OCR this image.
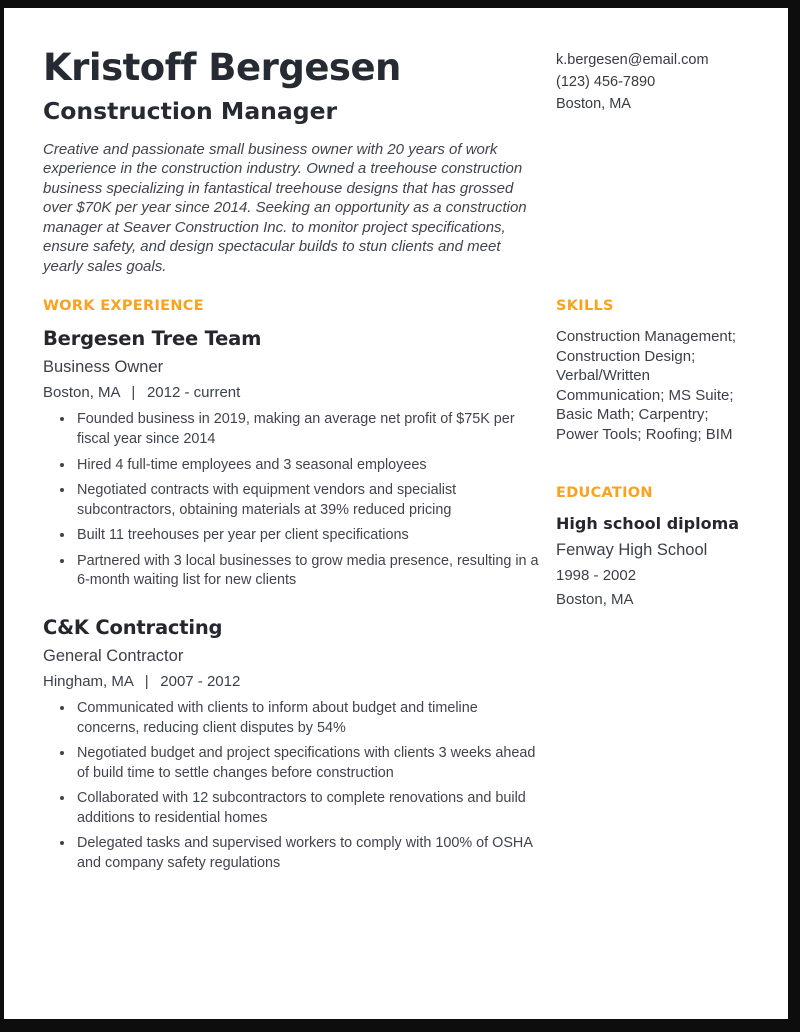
Kristoff Bergesen
Construction Manager

Creative and passionate small business owner with 20 years of work experience in the construction industry. Owned a treehouse construction business specializing in fantastical treehouse designs that has grossed over $70K per year since 2014. Seeking an opportunity as a construction manager at Seaver Construction Inc. to monitor project specifications, ensure safety, and design spectacular builds to stun clients and meet yearly sales goals.

k.bergesen@email.com
(123) 456-7890
Boston, MA
WORK EXPERIENCE
Bergesen Tree Team

Business Owner

Boston, MA  |  2012 - current

• Founded business in 2019, making an average net profit of $75K per fiscal year since 2014
• Hired 4 full-time employees and 3 seasonal employees
• Negotiated contracts with equipment vendors and specialist subcontractors, obtaining materials at 39% reduced pricing
• Built 11 treehouses per year per client specifications
• Partnered with 3 local businesses to grow media presence, resulting in a 6-month waiting list for new clients
C&K Contracting

General Contractor

Hingham, MA  |  2007 - 2012

• Communicated with clients to inform about budget and timeline concerns, reducing client disputes by 54%
• Negotiated budget and project specifications with clients 3 weeks ahead of build time to settle changes before construction
• Collaborated with 12 subcontractors to complete renovations and build additions to residential homes
• Delegated tasks and supervised workers to comply with 100% of OSHA and company safety regulations
SKILLS

Construction Management; Construction Design; Verbal/Written Communication; MS Suite; Basic Math; Carpentry; Power Tools; Roofing; BIM

EDUCATION

High school diploma

Fenway High School

1998 - 2002

Boston, MA
